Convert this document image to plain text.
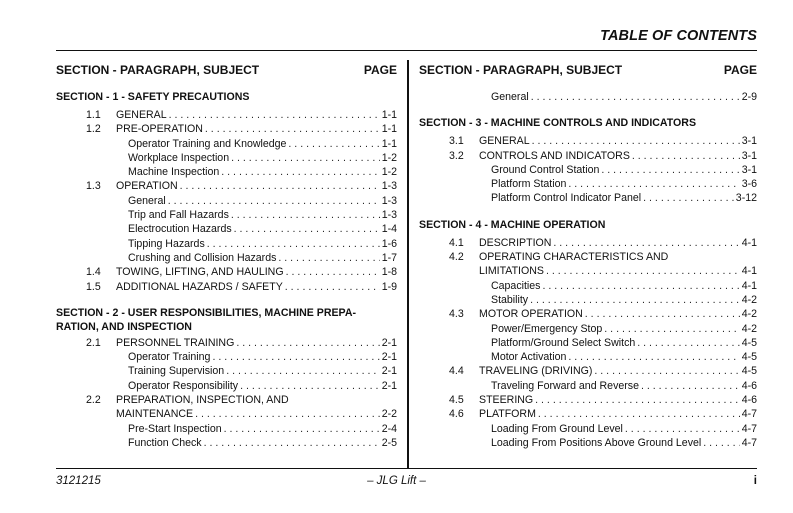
TABLE OF CONTENTS
SECTION - PARAGRAPH, SUBJECT	PAGE
SECTION - 1 - SAFETY PRECAUTIONS
1.1	GENERAL . . .	1-1
1.2	PRE-OPERATION . . .	1-1
Operator Training and Knowledge . . .	1-1
Workplace Inspection . . .	1-2
Machine Inspection . . .	1-2
1.3	OPERATION . . .	1-3
General . . .	1-3
Trip and Fall Hazards . . .	1-3
Electrocution Hazards . . .	1-4
Tipping Hazards . . .	1-6
Crushing and Collision Hazards . . .	1-7
1.4	TOWING, LIFTING, AND HAULING . . .	1-8
1.5	ADDITIONAL HAZARDS / SAFETY . . .	1-9
SECTION - 2 - USER RESPONSIBILITIES, MACHINE PREPA-
RATION, AND INSPECTION
2.1	PERSONNEL TRAINING . . .	2-1
Operator Training . . .	2-1
Training Supervision . . .	2-1
Operator Responsibility . . .	2-1
2.2	PREPARATION, INSPECTION, AND
MAINTENANCE . . .	2-2
Pre-Start Inspection . . .	2-4
Function Check . . .	2-5
SECTION - PARAGRAPH, SUBJECT	PAGE
General . . .	2-9
SECTION - 3 - MACHINE CONTROLS AND INDICATORS
3.1	GENERAL . . .	3-1
3.2	CONTROLS AND INDICATORS . . .	3-1
Ground Control Station . . .	3-1
Platform Station . . .	3-6
Platform Control Indicator Panel . . .	3-12
SECTION - 4 - MACHINE OPERATION
4.1	DESCRIPTION . . .	4-1
4.2	OPERATING CHARACTERISTICS AND
LIMITATIONS . . .	4-1
Capacities . . .	4-1
Stability . . .	4-2
4.3	MOTOR OPERATION . . .	4-2
Power/Emergency Stop . . .	4-2
Platform/Ground Select Switch . . .	4-5
Motor Activation . . .	4-5
4.4	TRAVELING (DRIVING) . . .	4-5
Traveling Forward and Reverse . . .	4-6
4.5	STEERING . . .	4-6
4.6	PLATFORM . . .	4-7
Loading From Ground Level . . .	4-7
Loading From Positions Above Ground Level . . .	4-7
– JLG Lift –
3121215	i
